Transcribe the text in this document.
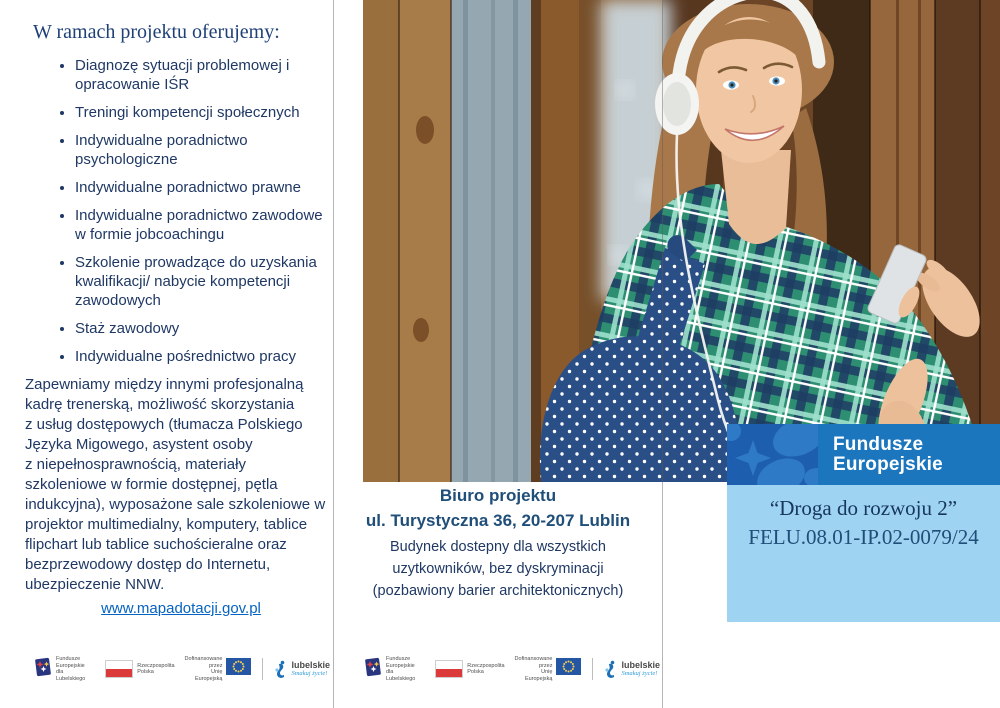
W ramach projektu oferujemy:
• Diagnozę sytuacji problemowej i opracowanie IŚR
• Treningi kompetencji społecznych
• Indywidualne poradnictwo psychologiczne
• Indywidualne poradnictwo prawne
• Indywidualne poradnictwo zawodowe w formie jobcoachingu
• Szkolenie prowadzące do uzyskania kwalifikacji/ nabycie kompetencji zawodowych
• Staż zawodowy
• Indywidualne pośrednictwo pracy
Zapewniamy między innymi profesjonalną
kadrę trenerską, możliwość skorzystania
z usług dostępowych (tłumacza Polskiego
Języka Migowego, asystent osoby
z niepełnosprawnością, materiały
szkoleniowe w formie dostępnej, pętla
indukcyjna), wyposażone sale szkoleniowe w
projektor multimedialny, komputery, tablice
flipchart lub tablice suchościeralne oraz
bezprzewodowy dostęp do Internetu,
ubezpieczenie NNW.
www.mapadotacji.gov.pl

Biuro projektu

ul. Turystyczna 36, 20-207 Lublin

Budynek dostepny dla wszystkich
uzytkowników, bez dyskryminacji
(pozbawiony barier architektonicznych)
Fundusze
Europejskie
“Droga do rozwoju 2”
FELU.08.01-IP.02-0079/24
Fundusze Europejskie
dla Lubelskiego
Rzeczpospolita
Polska
Dofinansowane przez
Unię Europejską
lubelskie
Smakuj życie!
Fundusze Europejskie
dla Lubelskiego
Rzeczpospolita
Polska
Dofinansowane przez
Unię Europejską
lubelskie
Smakuj życie!
